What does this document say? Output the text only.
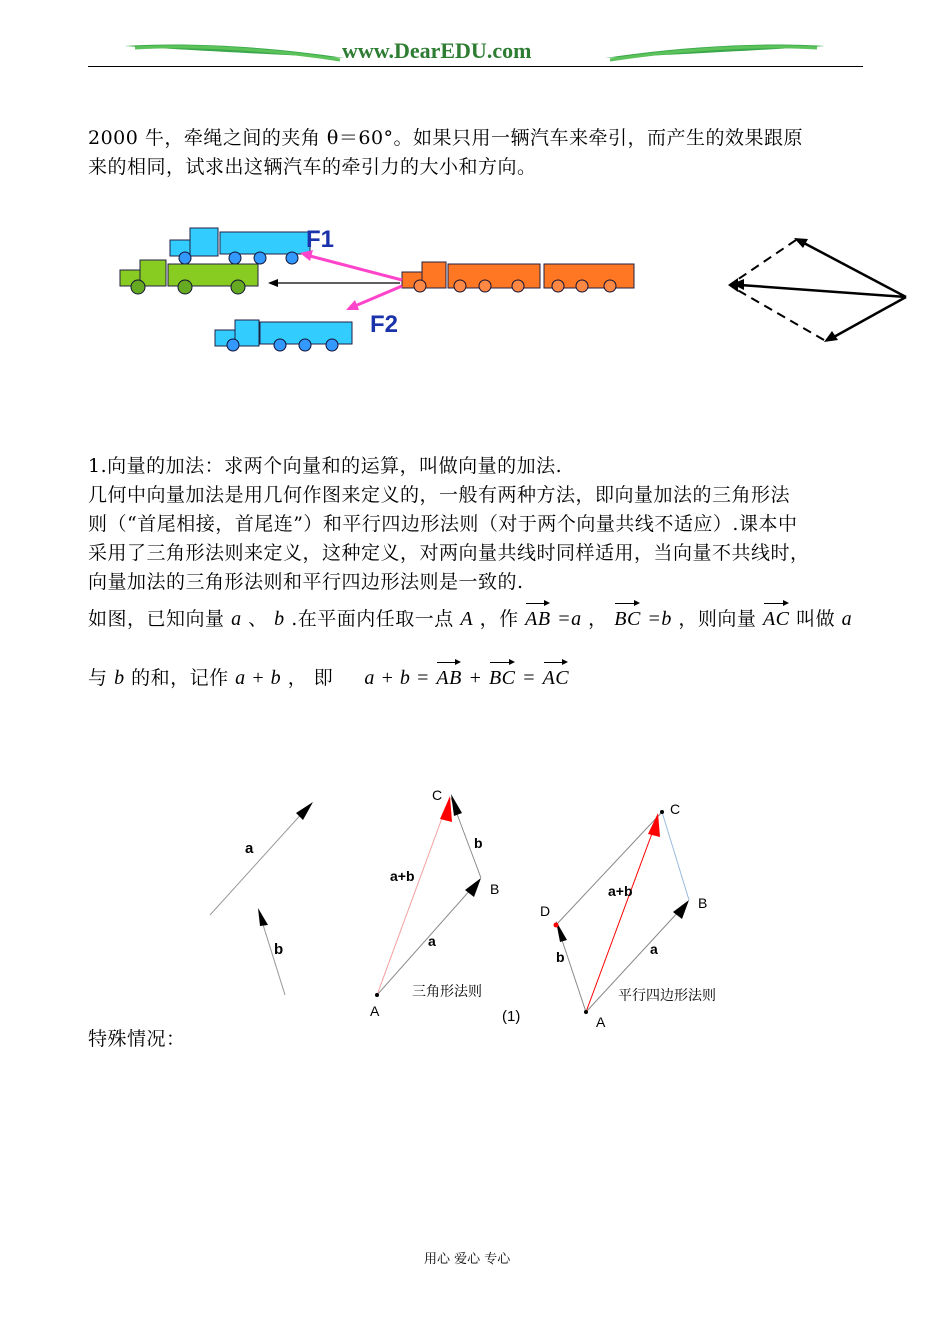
www.DearEDU.com
2000 牛，牵绳之间的夹角 θ＝60°。如果只用一辆汽车来牵引，而产生的效果跟原
来的相同，试求出这辆汽车的牵引力的大小和方向。
F1
F2
1.向量的加法：求两个向量和的运算，叫做向量的加法.
几何中向量加法是用几何作图来定义的，一般有两种方法，即向量加法的三角形法
则（“首尾相接，首尾连”）和平行四边形法则（对于两个向量共线不适应）.课本中
采用了三角形法则来定义，这种定义，对两向量共线时同样适用，当向量不共线时，
向量加法的三角形法则和平行四边形法则是一致的.
如图，已知向量 a 、 b .在平面内任取一点 A ，作 AB =a ， BC =b ，则向量 AC 叫做 a
与 b 的和，记作 a + b ， 即 a + b = AB + BC = AC
a
b
C
B
A
b
a+b
a
三角形法则
(1)
C
B
D
A
a+b
a
b
平行四边形法则
特殊情况：
用心 爱心 专心
